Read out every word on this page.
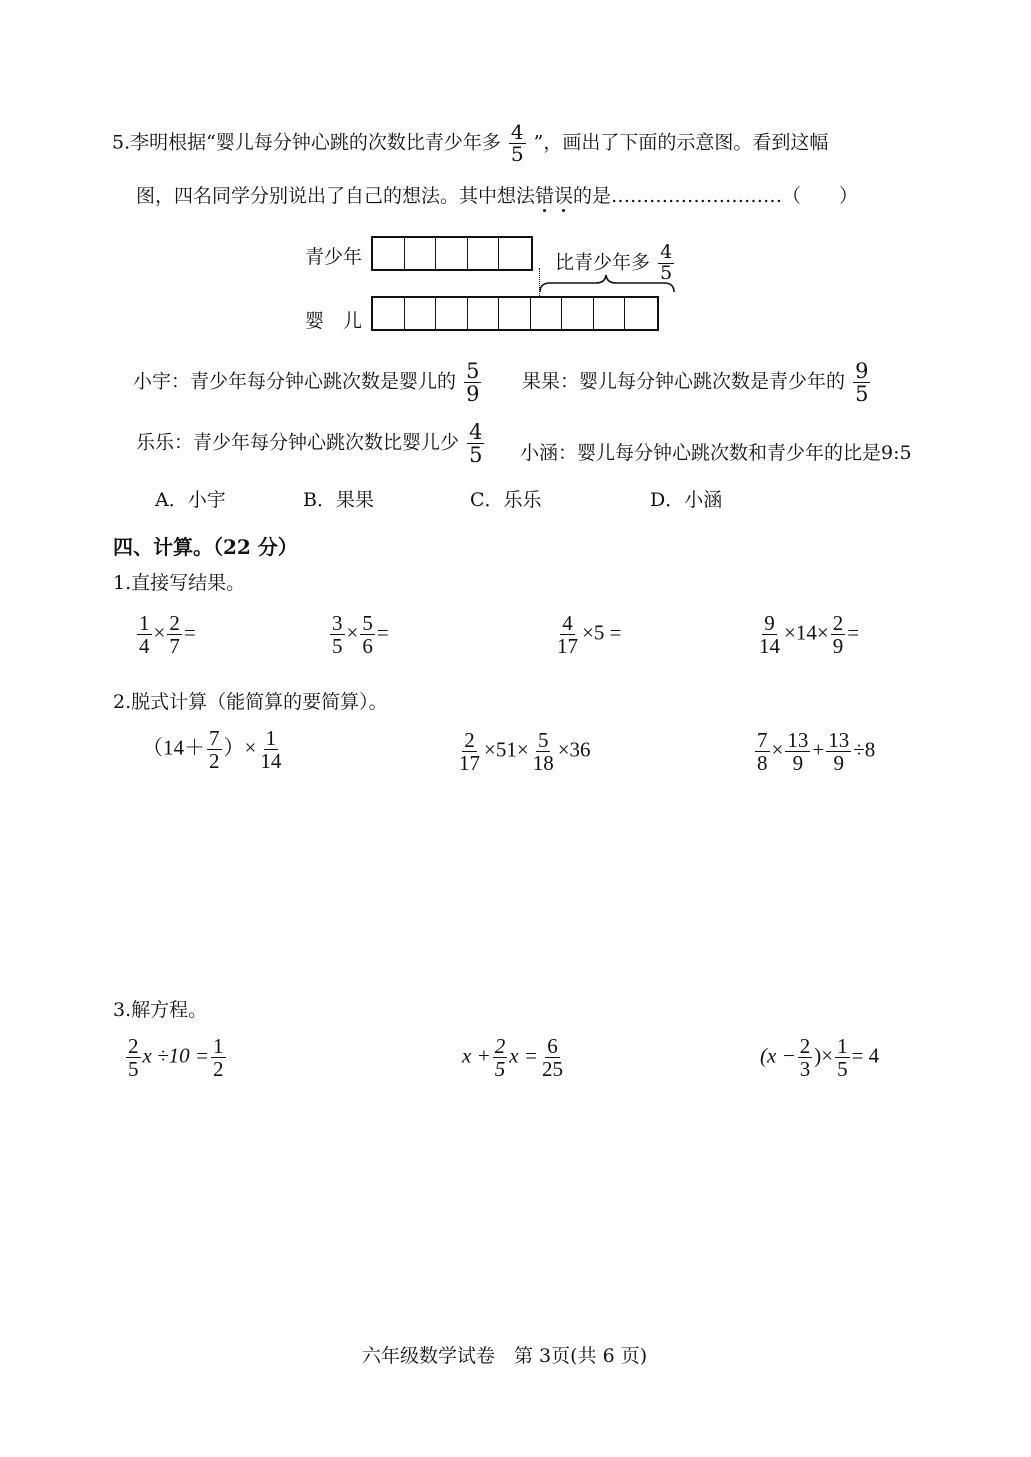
5.李明根据“婴儿每分钟心跳的次数比青少年多 $\frac{4}{5}$ ”，画出了下面的示意图。看到这幅
图，四名同学分别说出了自己的想法。其中想法错误的是………………………（　　）
青少年	比青少年多 $\frac{4}{5}$
婴　儿
小宇：青少年每分钟心跳次数是婴儿的 $\frac{5}{9}$ 果果：婴儿每分钟心跳次数是青少年的 $\frac{9}{5}$
乐乐：青少年每分钟心跳次数比婴儿少 $\frac{4}{5}$ 小涵：婴儿每分钟心跳次数和青少年的比是9:5
A．小宇	B．果果	C．乐乐	D．小涵
四、计算。（22 分）
1.直接写结果。
$\frac{1}{4} \times \frac{2}{7}$ =	$\frac{3}{5} \times \frac{5}{6}$ =	$\frac{4}{17} \times 5$ =	$\frac{9}{14} \times 14\times \frac{2}{9}$ =
2.脱式计算（能简算的要简算）。
（$14+ \frac{7}{2}$ ）× $\frac{1}{14}$	$\frac{2}{17} \times 51\times \frac{5}{18} \times 36$	$\frac{7}{8} \times \frac{13}{9} + \frac{13}{9} \div 8$
3.解方程。
$\frac{2}{5}$ $x \div 10 = \frac{1}{2}$	$x + \frac{2}{5}$ $x = \frac{6}{25}$	($x - \frac{2}{3}$ )× $\frac{1}{5} = 4$
六年级数学试卷　第 3页(共 6 页)
